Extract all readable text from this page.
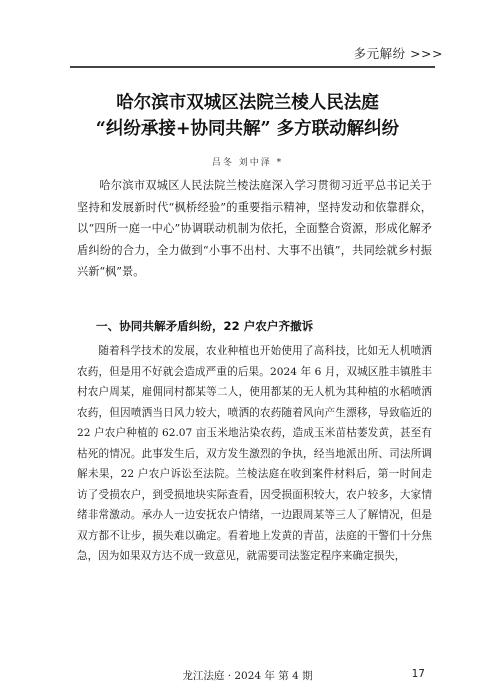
多元解纷 >>>

哈尔滨市双城区法院兰棱人民法庭

“纠纷承接+协同共解” 多方联动解纠纷

吕冬 刘中泽 *

哈尔滨市双城区人民法院兰棱法庭深入学习贯彻习近平总书记关于坚持和发展新时代“枫桥经验”的重要指示精神，坚持发动和依靠群众，以“四所一庭一中心”协调联动机制为依托，全面整合资源，形成化解矛盾纠纷的合力，全力做到“小事不出村、大事不出镇”，共同绘就乡村振兴新“枫”景。

一、协同共解矛盾纠纷，22 户农户齐撤诉

随着科学技术的发展，农业种植也开始使用了高科技，比如无人机喷洒农药，但是用不好就会造成严重的后果。2024 年 6 月，双城区胜丰镇胜丰村农户周某，雇佣同村都某等二人，使用都某的无人机为其种植的水稻喷洒农药，但因喷洒当日风力较大，喷洒的农药随着风向产生漂移，导致临近的 22 户农户种植的 62.07 亩玉米地沾染农药，造成玉米苗枯萎发黄，甚至有枯死的情况。此事发生后，双方发生激烈的争执，经当地派出所、司法所调解未果，22 户农户诉讼至法院。兰棱法庭在收到案件材料后，第一时间走访了受损农户，到受损地块实际查看，因受损面积较大，农户较多，大家情绪非常激动。承办人一边安抚农户情绪，一边跟周某等三人了解情况，但是双方都不让步，损失难以确定。看着地上发黄的青苗，法庭的干警们十分焦急，因为如果双方达不成一致意见，就需要司法鉴定程序来确定损失，

龙江法庭 · 2024 年 第 4 期	17
